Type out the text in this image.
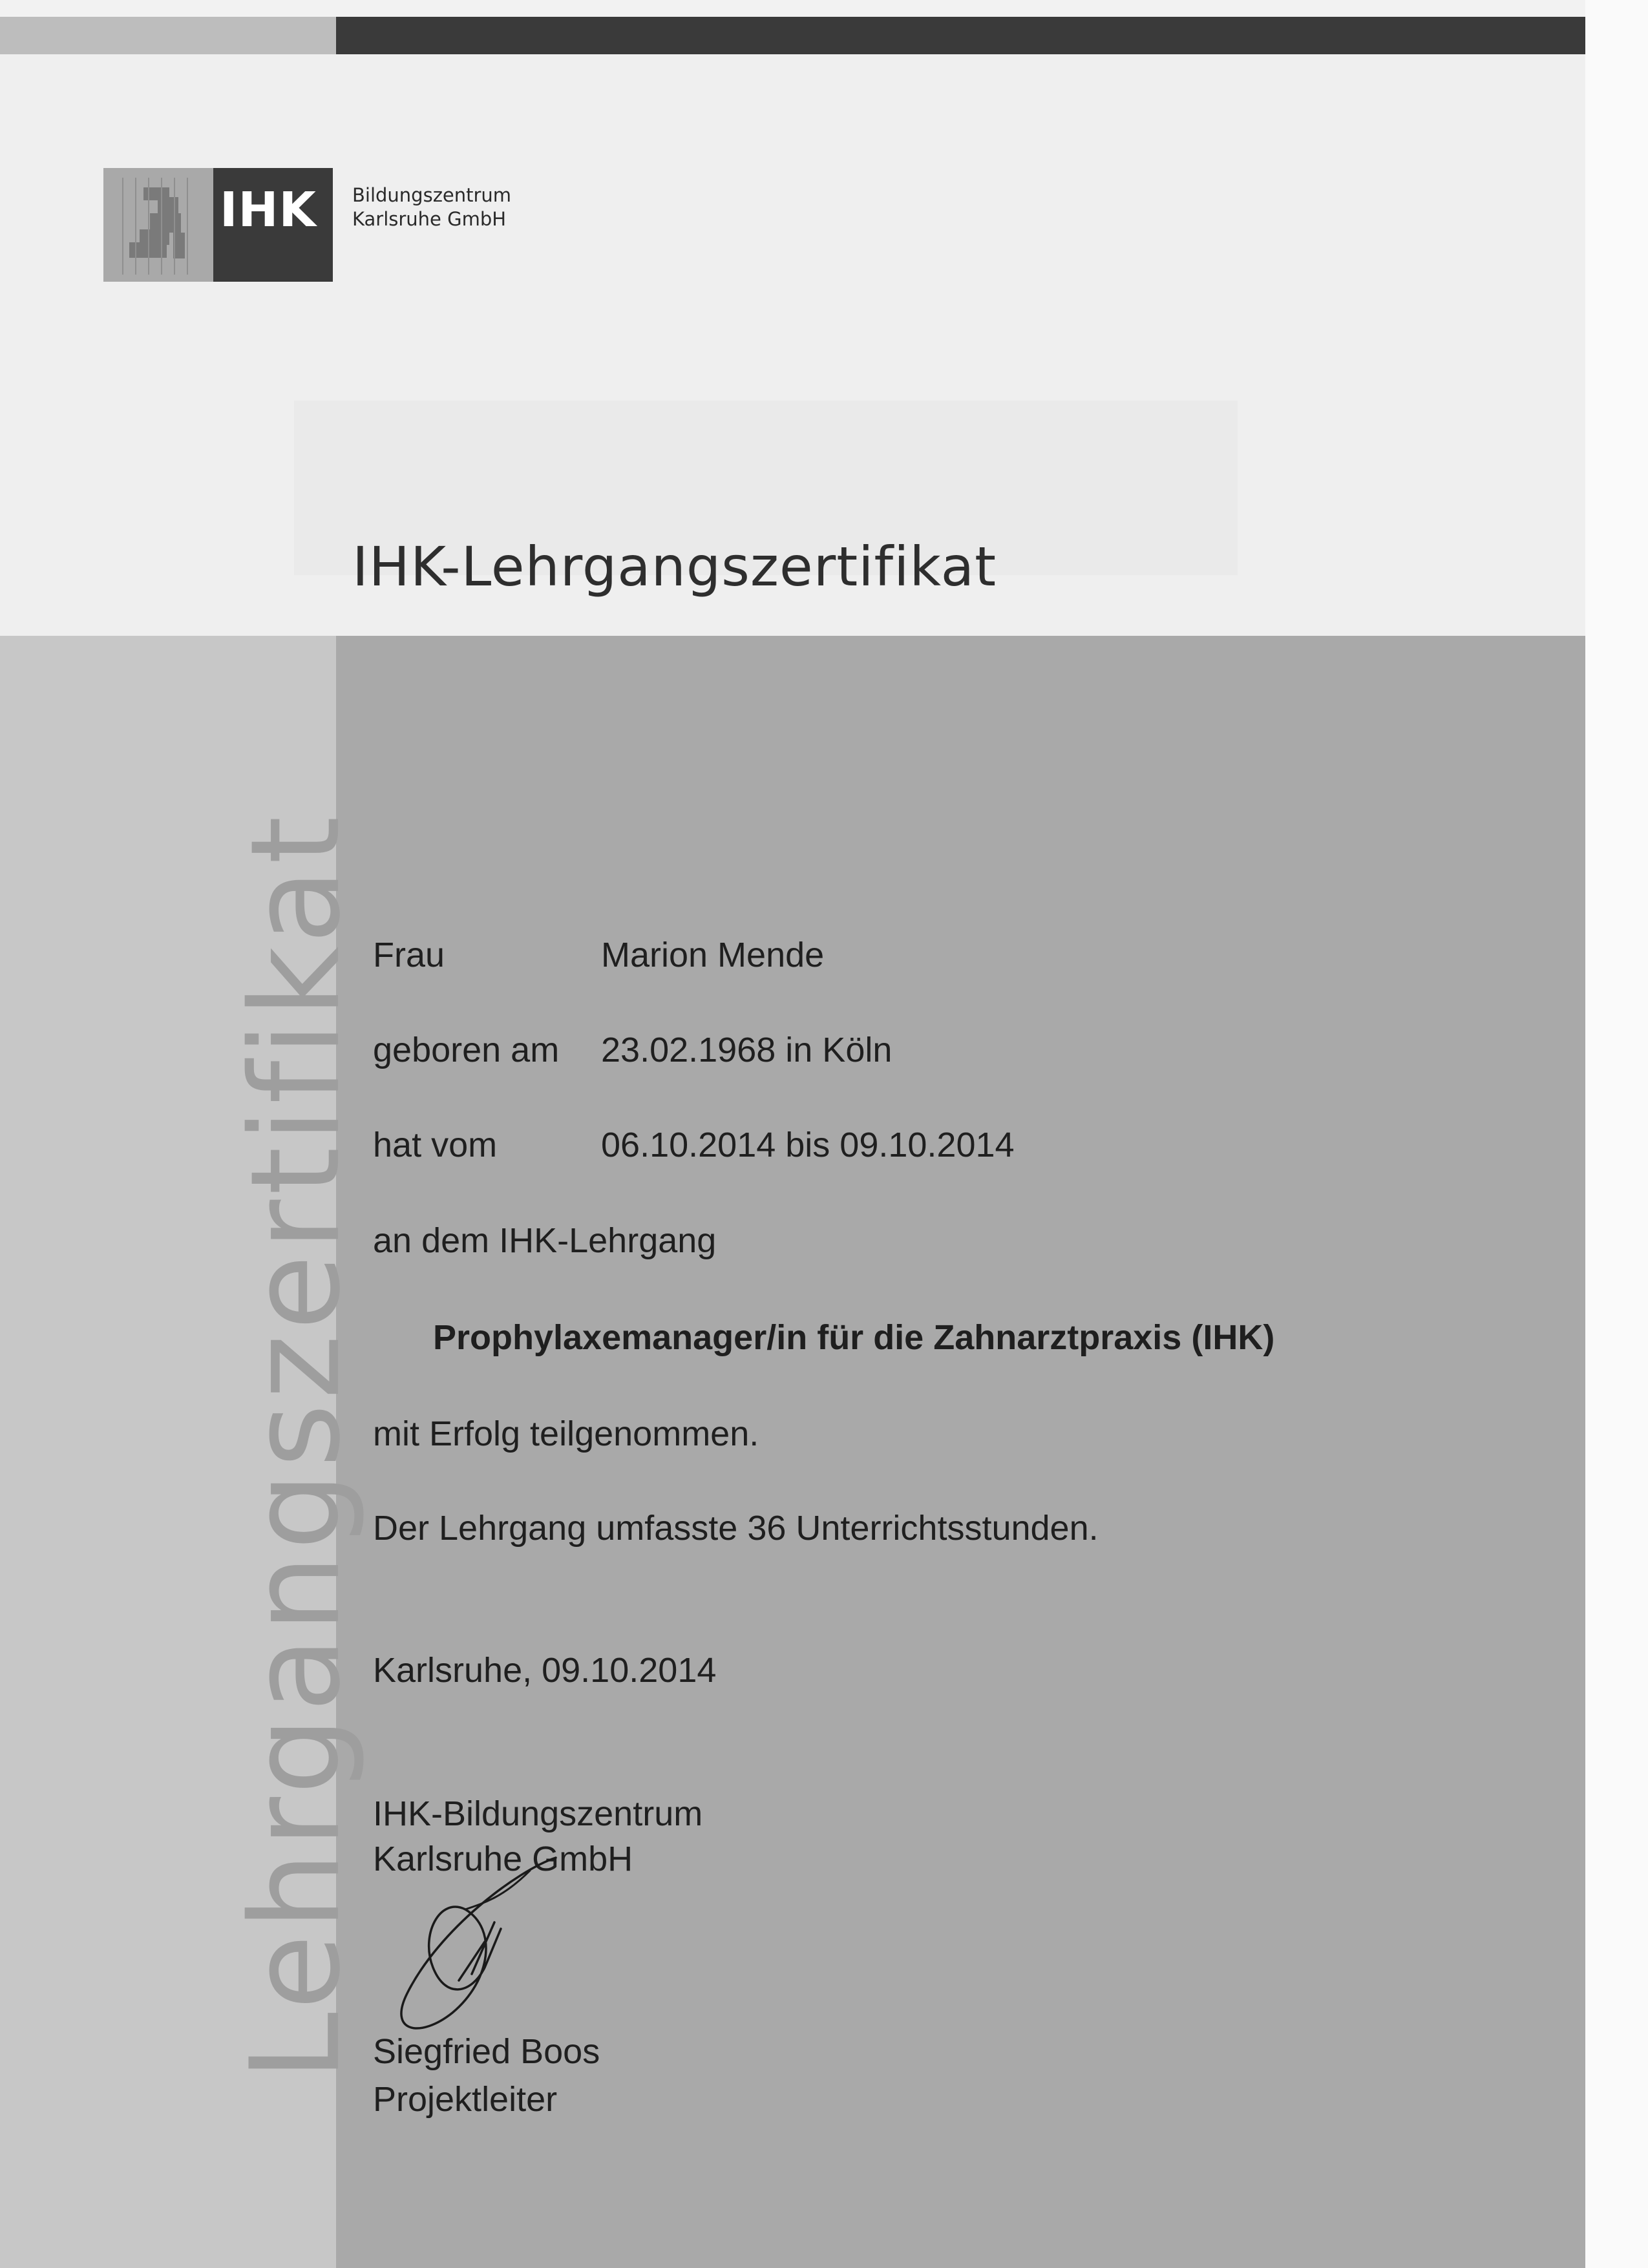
IHK	Bildungszentrum
Karlsruhe GmbH
IHK-Lehrgangszertifikat
Lehrgangszertifikat Frau	Marion Mende
geboren am 23.02.1968 in Köln
hat vom	06.10.2014 bis 09.10.2014
an dem IHK-Lehrgang
Prophylaxemanager/in für die Zahnarztpraxis (IHK)
mit Erfolg teilgenommen.
Der Lehrgang umfasste 36 Unterrichtsstunden.
Karlsruhe, 09.10.2014
IHK-Bildungszentrum
Karlsruhe GmbH
Siegfried Boos
Projektleiter
